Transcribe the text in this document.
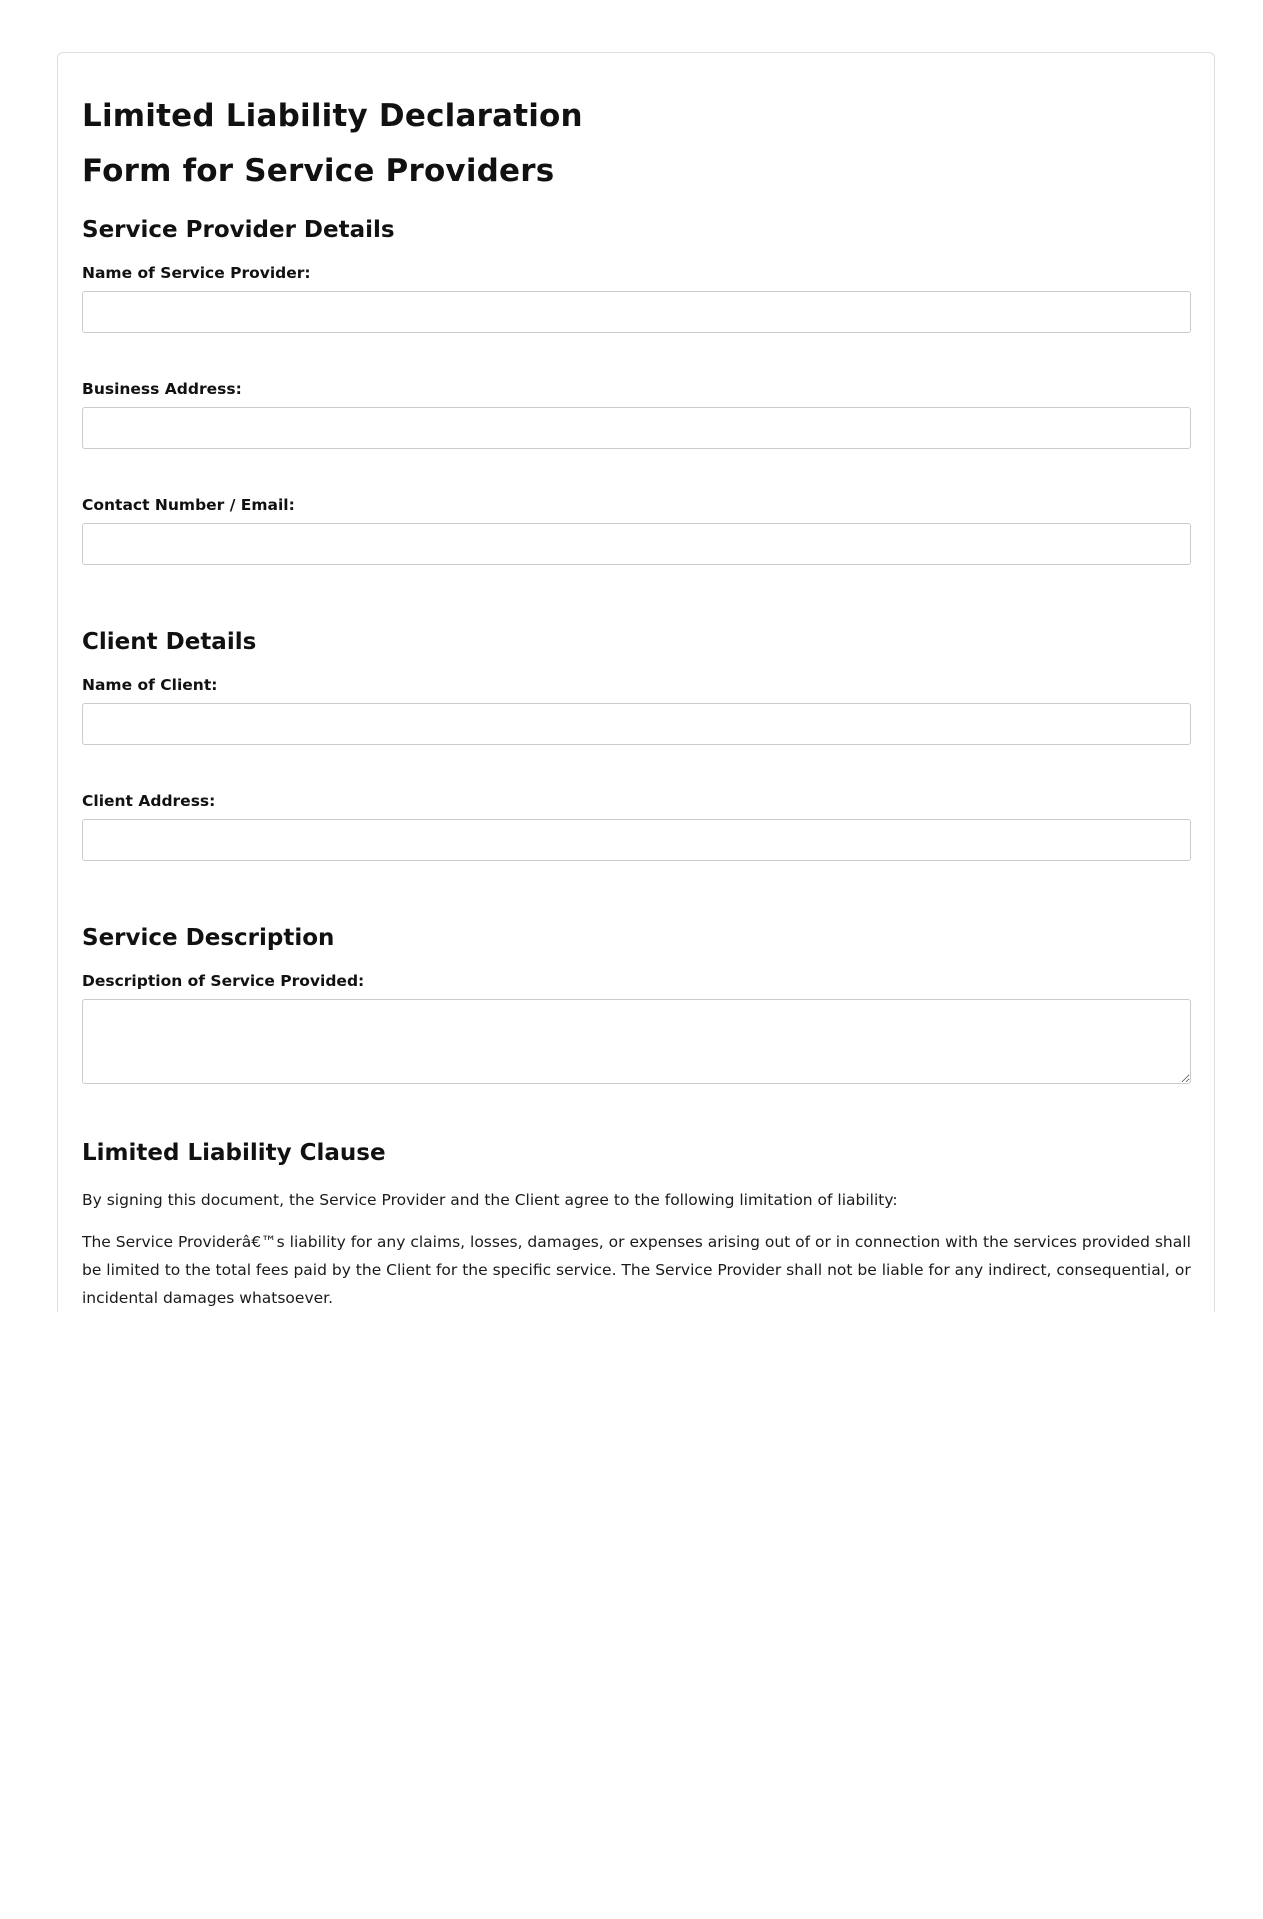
Limited Liability Declaration Form for Service Providers
Service Provider Details
Name of Service Provider:
Business Address:
Contact Number / Email:
Client Details
Name of Client:
Client Address:
Service Description
Description of Service Provided:
Limited Liability Clause

By signing this document, the Service Provider and the Client agree to the following limitation of liability:

The Service Providerâ€™s liability for any claims, losses, damages, or expenses arising out of or in connection with the services provided shall be limited to the total fees paid by the Client for the specific service. The Service Provider shall not be liable for any indirect, consequential, or incidental damages whatsoever.
